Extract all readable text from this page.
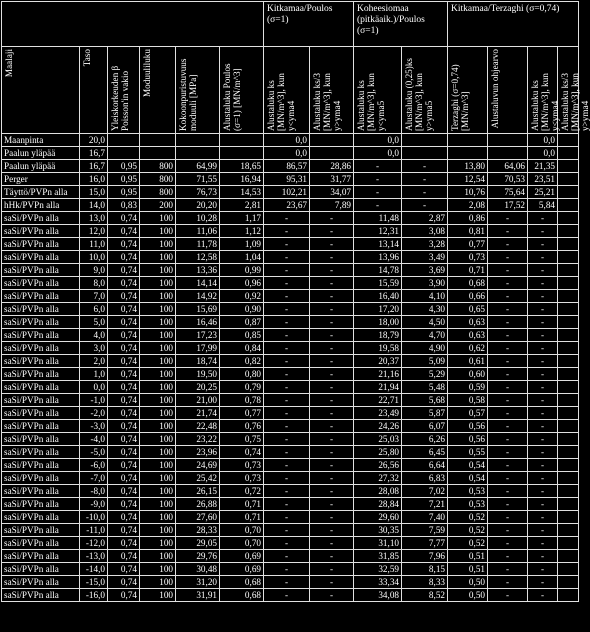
						Kitkamaa/Poulos (σ=1)		Koheesiomaa (pitkäaik.)/Poulos (σ=1)		Kitkamaa/Terzaghi (σ=0,74)			

Maalaji	Taso	Yleiskorkeuden β Poisson'in vakio	Moduuliluku	Kokoonpuristuvuus moduuli [MPa]	Alustaluku Poulos (σ=1) [MN/m^3]	Alustaluku ks [MN/m^3], kun y<yma4	Alustaluku ks/3 [MN/m^3], kun y>yma4	Alustaluku ks [MN/m^3], kun y<yma5	Alustaluku (0,25)ks [MN/m^3], kun y>yma5	Terzaghi (σ=0,74) [MN/m^3]	Alustaluvun ohjearvo	Alustaluku ks [MN/m^3], kun y<yma4	Alustaluku ks/3 [MN/m^3], kun y>yma4

Maanpinta	20,0					0,0		0,0				0,0	
Paalun yläpää	16,7					0,0		0,0				0,0	
Paalun yläpää	16,7	0,95	800	64,99	18,65	86,57	28,86	-	-	13,80	64,06	21,35	
Perger	16,0	0,95	800	71,55	16,94	95,31	31,77	-	-	12,54	70,53	23,51	
Täyttö/PVPn alla	15,0	0,95	800	76,73	14,53	102,21	34,07	-	-	10,76	75,64	25,21	
hHk/PVPn alla	14,0	0,83	200	20,20	2,81	23,67	7,89	-	-	2,08	17,52	5,84	
saSi/PVPn alla	13,0	0,74	100	10,28	1,17	-	-	11,48	2,87	0,86	-	-	
saSi/PVPn alla	12,0	0,74	100	11,06	1,12	-	-	12,31	3,08	0,81	-	-	
saSi/PVPn alla	11,0	0,74	100	11,78	1,09	-	-	13,14	3,28	0,77	-	-	
saSi/PVPn alla	10,0	0,74	100	12,58	1,04	-	-	13,96	3,49	0,73	-	-	
saSi/PVPn alla	9,0	0,74	100	13,36	0,99	-	-	14,78	3,69	0,71	-	-	
saSi/PVPn alla	8,0	0,74	100	14,14	0,96	-	-	15,59	3,90	0,68	-	-	
saSi/PVPn alla	7,0	0,74	100	14,92	0,92	-	-	16,40	4,10	0,66	-	-	
saSi/PVPn alla	6,0	0,74	100	15,69	0,90	-	-	17,20	4,30	0,65	-	-	
saSi/PVPn alla	5,0	0,74	100	16,46	0,87	-	-	18,00	4,50	0,63	-	-	
saSi/PVPn alla	4,0	0,74	100	17,23	0,85	-	-	18,79	4,70	0,63	-	-	
saSi/PVPn alla	3,0	0,74	100	17,99	0,84	-	-	19,58	4,90	0,62	-	-	
saSi/PVPn alla	2,0	0,74	100	18,74	0,82	-	-	20,37	5,09	0,61	-	-	
saSi/PVPn alla	1,0	0,74	100	19,50	0,80	-	-	21,16	5,29	0,60	-	-	
saSi/PVPn alla	0,0	0,74	100	20,25	0,79	-	-	21,94	5,48	0,59	-	-	
saSi/PVPn alla	-1,0	0,74	100	21,00	0,78	-	-	22,71	5,68	0,58	-	-	
saSi/PVPn alla	-2,0	0,74	100	21,74	0,77	-	-	23,49	5,87	0,57	-	-	
saSi/PVPn alla	-3,0	0,74	100	22,48	0,76	-	-	24,26	6,07	0,56	-	-	
saSi/PVPn alla	-4,0	0,74	100	23,22	0,75	-	-	25,03	6,26	0,56	-	-	
saSi/PVPn alla	-5,0	0,74	100	23,96	0,74	-	-	25,80	6,45	0,55	-	-	
saSi/PVPn alla	-6,0	0,74	100	24,69	0,73	-	-	26,56	6,64	0,54	-	-	
saSi/PVPn alla	-7,0	0,74	100	25,42	0,73	-	-	27,32	6,83	0,54	-	-	
saSi/PVPn alla	-8,0	0,74	100	26,15	0,72	-	-	28,08	7,02	0,53	-	-	
saSi/PVPn alla	-9,0	0,74	100	26,88	0,71	-	-	28,84	7,21	0,53	-	-	
saSi/PVPn alla	-10,0	0,74	100	27,60	0,71	-	-	29,60	7,40	0,52	-	-	
saSi/PVPn alla	-11,0	0,74	100	28,33	0,70	-	-	30,35	7,59	0,52	-	-	
saSi/PVPn alla	-12,0	0,74	100	29,05	0,70	-	-	31,10	7,77	0,52	-	-	
saSi/PVPn alla	-13,0	0,74	100	29,76	0,69	-	-	31,85	7,96	0,51	-	-	
saSi/PVPn alla	-14,0	0,74	100	30,48	0,69	-	-	32,59	8,15	0,51	-	-	
saSi/PVPn alla	-15,0	0,74	100	31,20	0,68	-	-	33,34	8,33	0,50	-	-	
saSi/PVPn alla	-16,0	0,74	100	31,91	0,68	-	-	34,08	8,52	0,50	-	-	
